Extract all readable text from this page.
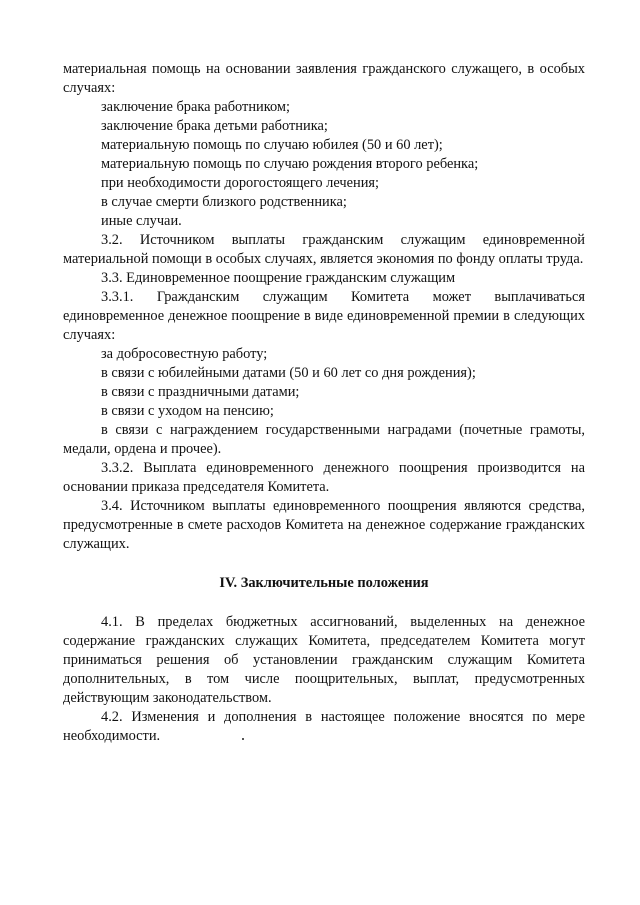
материальная помощь на основании заявления гражданского служащего, в особых случаях:

заключение брака работником;

заключение брака детьми работника;

материальную помощь по случаю юбилея (50 и 60 лет);

материальную помощь по случаю рождения второго ребенка;

при необходимости дорогостоящего лечения;

в случае смерти близкого родственника;

иные случаи.

3.2. Источником выплаты гражданским служащим единовременной материальной помощи в особых случаях, является экономия по фонду оплаты труда.

3.3. Единовременное поощрение гражданским служащим

3.3.1. Гражданским служащим Комитета может выплачиваться единовременное денежное поощрение в виде единовременной премии в следующих случаях:

за добросовестную работу;

в связи с юбилейными датами (50 и 60 лет со дня рождения);

в связи с праздничными датами;

в связи с уходом на пенсию;

в связи с награждением государственными наградами (почетные грамоты, медали, ордена и прочее).

3.3.2. Выплата единовременного денежного поощрения производится на основании приказа председателя Комитета.

3.4. Источником выплаты единовременного поощрения являются средства, предусмотренные в смете расходов Комитета на денежное содержание гражданских служащих.

IV. Заключительные положения

4.1. В пределах бюджетных ассигнований, выделенных на денежное содержание гражданских служащих Комитета, председателем Комитета могут приниматься решения об установлении гражданским служащим Комитета дополнительных, в том числе поощрительных, выплат, предусмотренных действующим законодательством.

4.2. Изменения и дополнения в настоящее положение вносятся по мере необходимости.
